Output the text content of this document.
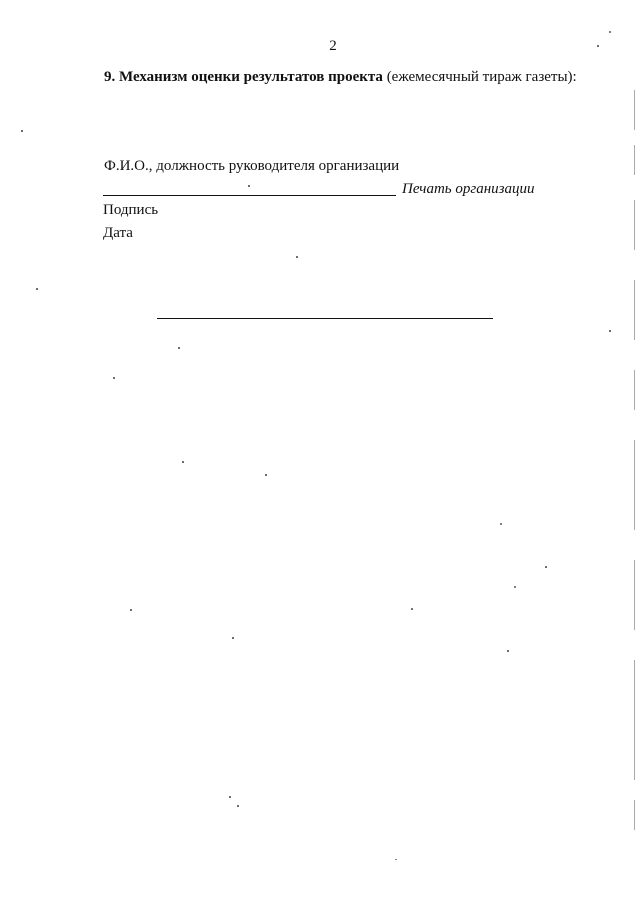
2
9. Механизм оценки результатов проекта (ежемесячный тираж газеты):
Ф.И.О., должность руководителя организации
Печать организации
Подпись
Дата
